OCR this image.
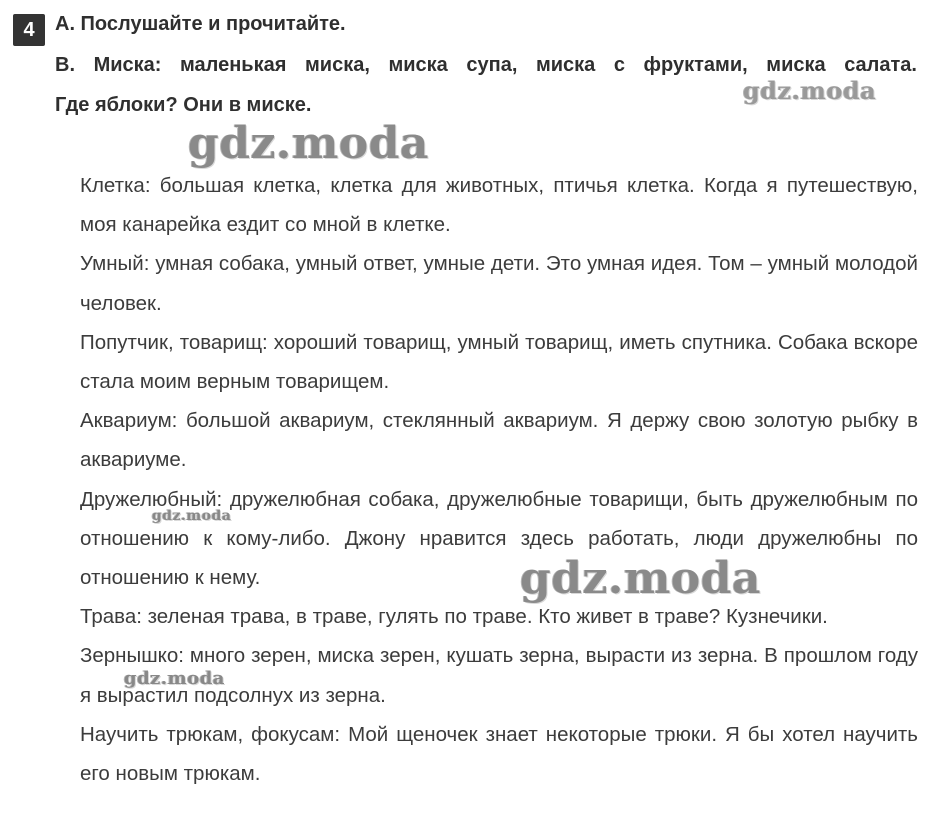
4	А. Послушайте и прочитайте.
В. Миска: маленькая миска, миска супа, миска с фруктами, миска салата.
Где яблоки? Они в миске.

Клетка: большая клетка, клетка для животных, птичья клетка. Когда я путешествую, моя канарейка ездит со мной в клетке.

Умный: умная собака, умный ответ, умные дети. Это умная идея. Том – умный молодой человек.

Попутчик, товарищ: хороший товарищ, умный товарищ, иметь спутника. Собака вскоре стала моим верным товарищем.

Аквариум: большой аквариум, стеклянный аквариум. Я держу свою золотую рыбку в аквариуме.

Дружелюбный: дружелюбная собака, дружелюбные товарищи, быть дружелюбным по отношению к кому-либо. Джону нравится здесь работать, люди дружелюбны по отношению к нему.

Трава: зеленая трава, в траве, гулять по траве. Кто живет в траве? Кузнечики.

Зернышко: много зерен, миска зерен, кушать зерна, вырасти из зерна. В прошлом году я вырастил подсолнух из зерна.

Научить трюкам, фокусам: Мой щеночек знает некоторые трюки. Я бы хотел научить его новым трюкам.

gdz.moda
gdz.moda
gdz.moda
gdz.moda
gdz.moda
